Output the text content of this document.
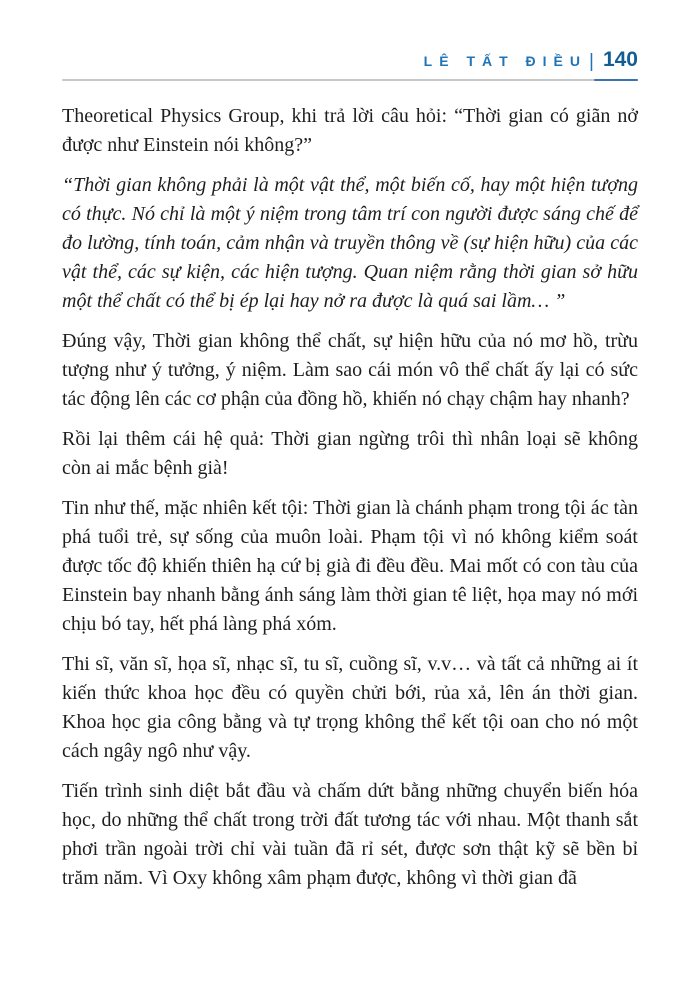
LÊ TẤT ĐIỀU | 140

Theoretical Physics Group, khi trả lời câu hỏi: “Thời gian có giãn nở được như Einstein nói không?”

“Thời gian không phải là một vật thể, một biến cố, hay một hiện tượng có thực. Nó chỉ là một ý niệm trong tâm trí con người được sáng chế để đo lường, tính toán, cảm nhận và truyền thông về (sự hiện hữu) của các vật thể, các sự kiện, các hiện tượng. Quan niệm rằng thời gian sở hữu một thể chất có thể bị ép lại hay nở ra được là quá sai lầm… ”

Đúng vậy, Thời gian không thể chất, sự hiện hữu của nó mơ hồ, trừu tượng như ý tưởng, ý niệm. Làm sao cái món vô thể chất ấy lại có sức tác động lên các cơ phận của đồng hồ, khiến nó chạy chậm hay nhanh?

Rồi lại thêm cái hệ quả: Thời gian ngừng trôi thì nhân loại sẽ không còn ai mắc bệnh già!

Tin như thế, mặc nhiên kết tội: Thời gian là chánh phạm trong tội ác tàn phá tuổi trẻ, sự sống của muôn loài. Phạm tội vì nó không kiểm soát được tốc độ khiến thiên hạ cứ bị già đi đều đều. Mai mốt có con tàu của Einstein bay nhanh bằng ánh sáng làm thời gian tê liệt, họa may nó mới chịu bó tay, hết phá làng phá xóm.

Thi sĩ, văn sĩ, họa sĩ, nhạc sĩ, tu sĩ, cuồng sĩ, v.v… và tất cả những ai ít kiến thức khoa học đều có quyền chửi bới, rủa xả, lên án thời gian. Khoa học gia công bằng và tự trọng không thể kết tội oan cho nó một cách ngây ngô như vậy.

Tiến trình sinh diệt bắt đầu và chấm dứt bằng những chuyển biến hóa học, do những thể chất trong trời đất tương tác với nhau. Một thanh sắt phơi trần ngoài trời chỉ vài tuần đã rỉ sét, được sơn thật kỹ sẽ bền bỉ trăm năm. Vì Oxy không xâm phạm được, không vì thời gian đã
